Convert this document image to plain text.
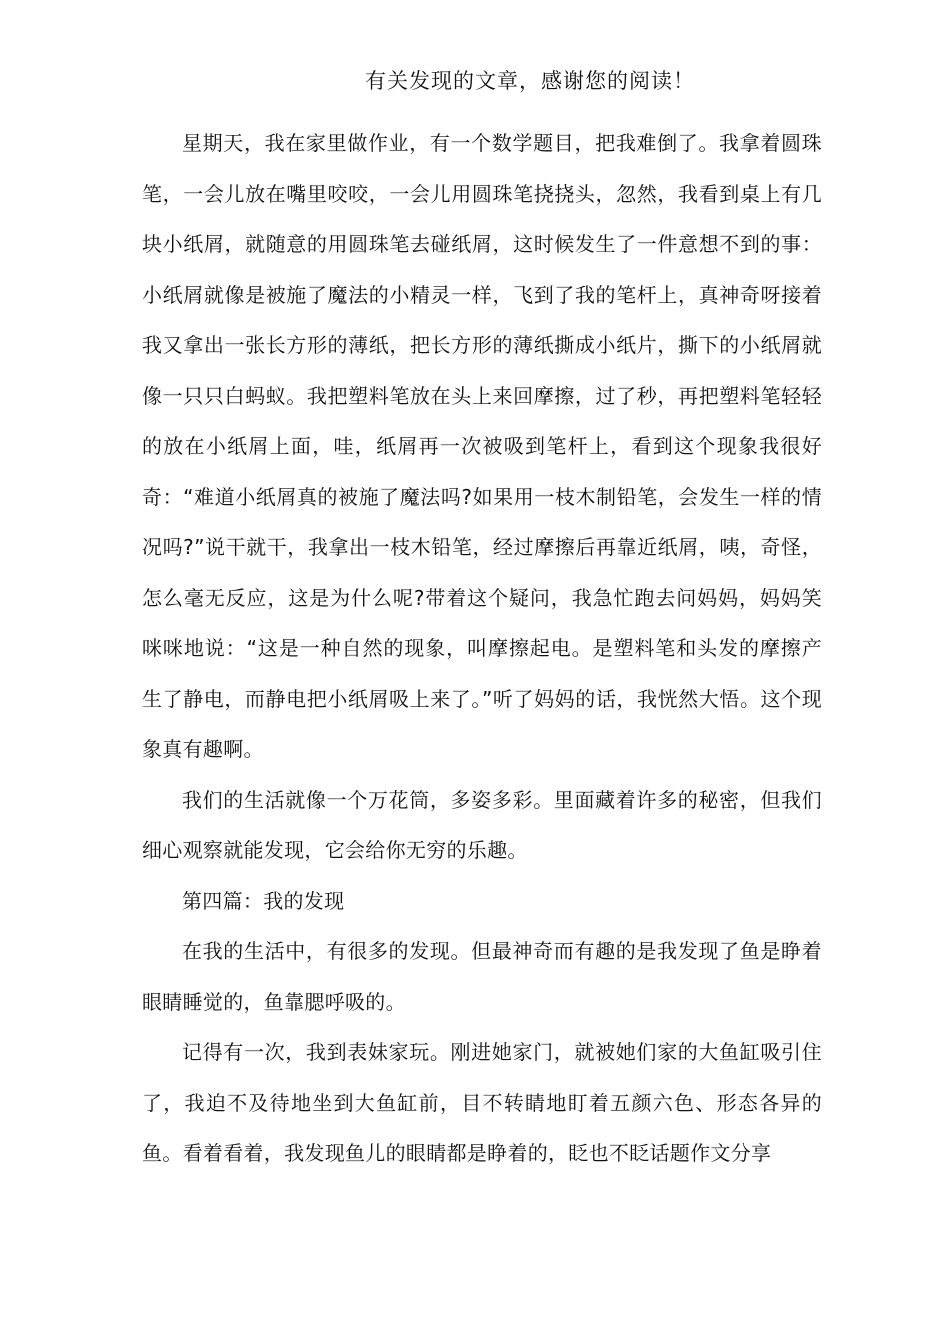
有关发现的文章，感谢您的阅读！

星期天，我在家里做作业，有一个数学题目，把我难倒了。我拿着圆珠笔，一会儿放在嘴里咬咬，一会儿用圆珠笔挠挠头，忽然，我看到桌上有几块小纸屑，就随意的用圆珠笔去碰纸屑，这时候发生了一件意想不到的事：小纸屑就像是被施了魔法的小精灵一样，飞到了我的笔杆上，真神奇呀接着我又拿出一张长方形的薄纸，把长方形的薄纸撕成小纸片，撕下的小纸屑就像一只只白蚂蚁。我把塑料笔放在头上来回摩擦，过了秒，再把塑料笔轻轻的放在小纸屑上面，哇，纸屑再一次被吸到笔杆上，看到这个现象我很好奇：“难道小纸屑真的被施了魔法吗?如果用一枝木制铅笔，会发生一样的情况吗?”说干就干，我拿出一枝木铅笔，经过摩擦后再靠近纸屑，咦，奇怪，怎么毫无反应，这是为什么呢?带着这个疑问，我急忙跑去问妈妈，妈妈笑咪咪地说：“这是一种自然的现象，叫摩擦起电。是塑料笔和头发的摩擦产生了静电，而静电把小纸屑吸上来了。”听了妈妈的话，我恍然大悟。这个现象真有趣啊。

我们的生活就像一个万花筒，多姿多彩。里面藏着许多的秘密，但我们细心观察就能发现，它会给你无穷的乐趣。

第四篇：我的发现

在我的生活中，有很多的发现。但最神奇而有趣的是我发现了鱼是睁着眼睛睡觉的，鱼靠腮呼吸的。

记得有一次，我到表妹家玩。刚进她家门，就被她们家的大鱼缸吸引住了，我迫不及待地坐到大鱼缸前，目不转睛地盯着五颜六色、形态各异的鱼。看着看着，我发现鱼儿的眼睛都是睁着的，眨也不眨话题作文分享
